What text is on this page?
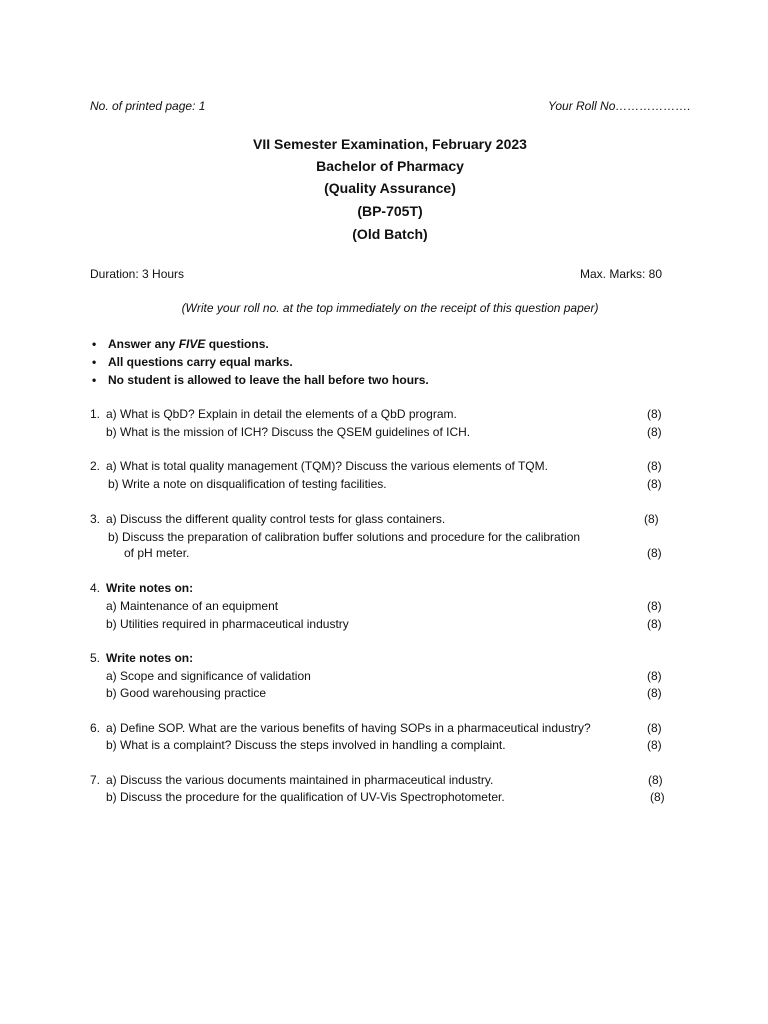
No. of printed page: 1	Your Roll No……………….
VII Semester Examination, February 2023
Bachelor of Pharmacy
(Quality Assurance)
(BP-705T)
(Old Batch)
Duration: 3 Hours	Max. Marks: 80
(Write your roll no. at the top immediately on the receipt of this question paper)
• Answer any FIVE questions.
• All questions carry equal marks.
• No student is allowed to leave the hall before two hours.
1. a) What is QbD? Explain in detail the elements of a QbD program.	(8)
b) What is the mission of ICH? Discuss the QSEM guidelines of ICH.	(8)
2. a) What is total quality management (TQM)? Discuss the various elements of TQM.	(8)
b) Write a note on disqualification of testing facilities.	(8)
3. a) Discuss the different quality control tests for glass containers.	(8)
b) Discuss the preparation of calibration buffer solutions and procedure for the calibration
of pH meter.	(8)
4. Write notes on:
a) Maintenance of an equipment	(8)
b) Utilities required in pharmaceutical industry	(8)
5. Write notes on:
a) Scope and significance of validation	(8)
b) Good warehousing practice	(8)
6. a) Define SOP. What are the various benefits of having SOPs in a pharmaceutical industry?	(8)
b) What is a complaint? Discuss the steps involved in handling a complaint.	(8)
7. a) Discuss the various documents maintained in pharmaceutical industry.	(8)
b) Discuss the procedure for the qualification of UV-Vis Spectrophotometer.	(8)
